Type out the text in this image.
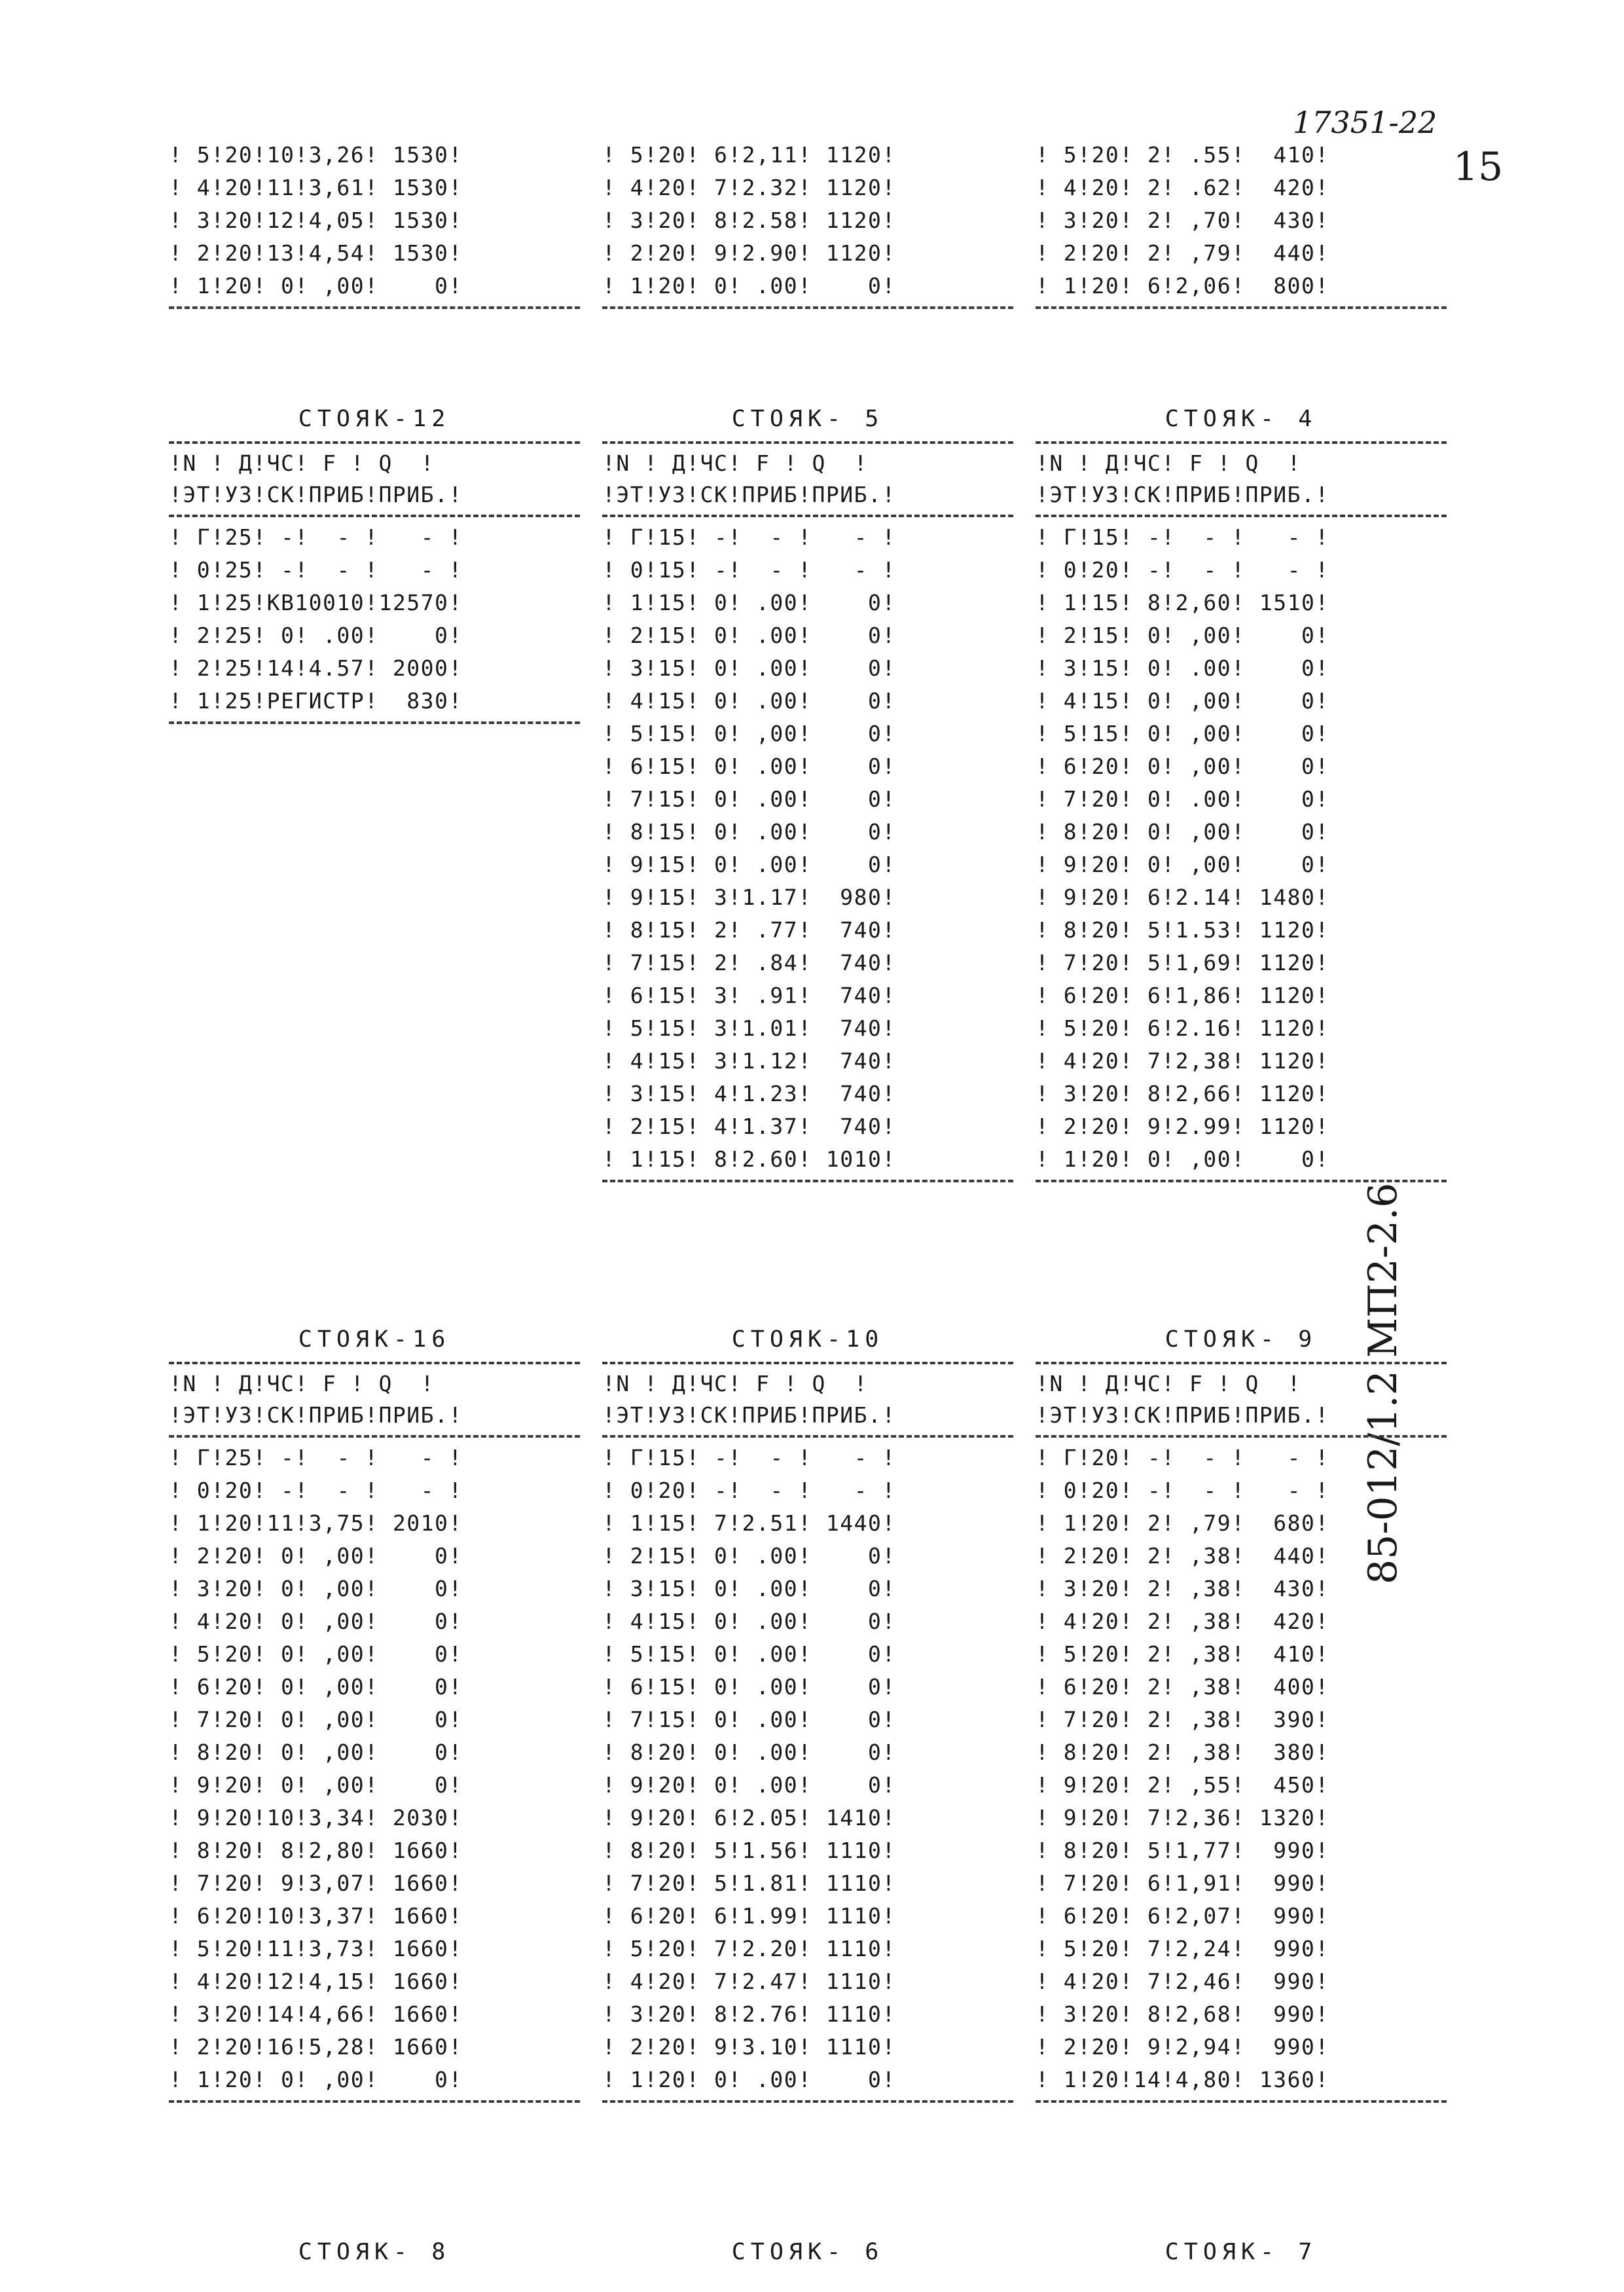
17351-22
15
85-012/1.2 МП2-2.6
! 5!20!10!3,26! 1530!
! 4!20!11!3,61! 1530!
! 3!20!12!4,05! 1530!
! 2!20!13!4,54! 1530!
! 1!20! 0! ,00!    0!
! 5!20! 6!2,11! 1120!
! 4!20! 7!2.32! 1120!
! 3!20! 8!2.58! 1120!
! 2!20! 9!2.90! 1120!
! 1!20! 0! .00!    0!
! 5!20! 2! .55!  410!
! 4!20! 2! .62!  420!
! 3!20! 2! ,70!  430!
! 2!20! 2! ,79!  440!
! 1!20! 6!2,06!  800!
СТОЯК-12
!N ! Д!ЧС! F ! Q  !
!ЭТ!УЗ!СК!ПРИБ!ПРИБ.!
! Г!25! -!  - !   - !
! 0!25! -!  - !   - !
! 1!25!КВ10010!12570!
! 2!25! 0! .00!    0!
! 2!25!14!4.57! 2000!
! 1!25!РЕГИСТР!  830!
СТОЯК- 5
!N ! Д!ЧС! F ! Q  !
!ЭТ!УЗ!СК!ПРИБ!ПРИБ.!
! Г!15! -!  - !   - !
! 0!15! -!  - !   - !
! 1!15! 0! .00!    0!
! 2!15! 0! .00!    0!
! 3!15! 0! .00!    0!
! 4!15! 0! .00!    0!
! 5!15! 0! ,00!    0!
! 6!15! 0! .00!    0!
! 7!15! 0! .00!    0!
! 8!15! 0! .00!    0!
! 9!15! 0! .00!    0!
! 9!15! 3!1.17!  980!
! 8!15! 2! .77!  740!
! 7!15! 2! .84!  740!
! 6!15! 3! .91!  740!
! 5!15! 3!1.01!  740!
! 4!15! 3!1.12!  740!
! 3!15! 4!1.23!  740!
! 2!15! 4!1.37!  740!
! 1!15! 8!2.60! 1010!
СТОЯК- 4
!N ! Д!ЧС! F ! Q  !
!ЭТ!УЗ!СК!ПРИБ!ПРИБ.!
! Г!15! -!  - !   - !
! 0!20! -!  - !   - !
! 1!15! 8!2,60! 1510!
! 2!15! 0! ,00!    0!
! 3!15! 0! .00!    0!
! 4!15! 0! ,00!    0!
! 5!15! 0! ,00!    0!
! 6!20! 0! ,00!    0!
! 7!20! 0! .00!    0!
! 8!20! 0! ,00!    0!
! 9!20! 0! ,00!    0!
! 9!20! 6!2.14! 1480!
! 8!20! 5!1.53! 1120!
! 7!20! 5!1,69! 1120!
! 6!20! 6!1,86! 1120!
! 5!20! 6!2.16! 1120!
! 4!20! 7!2,38! 1120!
! 3!20! 8!2,66! 1120!
! 2!20! 9!2.99! 1120!
! 1!20! 0! ,00!    0!
СТОЯК-16
!N ! Д!ЧС! F ! Q  !
!ЭТ!УЗ!СК!ПРИБ!ПРИБ.!
! Г!25! -!  - !   - !
! 0!20! -!  - !   - !
! 1!20!11!3,75! 2010!
! 2!20! 0! ,00!    0!
! 3!20! 0! ,00!    0!
! 4!20! 0! ,00!    0!
! 5!20! 0! ,00!    0!
! 6!20! 0! ,00!    0!
! 7!20! 0! ,00!    0!
! 8!20! 0! ,00!    0!
! 9!20! 0! ,00!    0!
! 9!20!10!3,34! 2030!
! 8!20! 8!2,80! 1660!
! 7!20! 9!3,07! 1660!
! 6!20!10!3,37! 1660!
! 5!20!11!3,73! 1660!
! 4!20!12!4,15! 1660!
! 3!20!14!4,66! 1660!
! 2!20!16!5,28! 1660!
! 1!20! 0! ,00!    0!
СТОЯК-10
!N ! Д!ЧС! F ! Q  !
!ЭТ!УЗ!СК!ПРИБ!ПРИБ.!
! Г!15! -!  - !   - !
! 0!20! -!  - !   - !
! 1!15! 7!2.51! 1440!
! 2!15! 0! .00!    0!
! 3!15! 0! .00!    0!
! 4!15! 0! .00!    0!
! 5!15! 0! .00!    0!
! 6!15! 0! .00!    0!
! 7!15! 0! .00!    0!
! 8!20! 0! .00!    0!
! 9!20! 0! .00!    0!
! 9!20! 6!2.05! 1410!
! 8!20! 5!1.56! 1110!
! 7!20! 5!1.81! 1110!
! 6!20! 6!1.99! 1110!
! 5!20! 7!2.20! 1110!
! 4!20! 7!2.47! 1110!
! 3!20! 8!2.76! 1110!
! 2!20! 9!3.10! 1110!
! 1!20! 0! .00!    0!
СТОЯК- 9
!N ! Д!ЧС! F ! Q  !
!ЭТ!УЗ!СК!ПРИБ!ПРИБ.!
! Г!20! -!  - !   - !
! 0!20! -!  - !   - !
! 1!20! 2! ,79!  680!
! 2!20! 2! ,38!  440!
! 3!20! 2! ,38!  430!
! 4!20! 2! ,38!  420!
! 5!20! 2! ,38!  410!
! 6!20! 2! ,38!  400!
! 7!20! 2! ,38!  390!
! 8!20! 2! ,38!  380!
! 9!20! 2! ,55!  450!
! 9!20! 7!2,36! 1320!
! 8!20! 5!1,77!  990!
! 7!20! 6!1,91!  990!
! 6!20! 6!2,07!  990!
! 5!20! 7!2,24!  990!
! 4!20! 7!2,46!  990!
! 3!20! 8!2,68!  990!
! 2!20! 9!2,94!  990!
! 1!20!14!4,80! 1360!
СТОЯК- 8	СТОЯК- 6	СТОЯК- 7
